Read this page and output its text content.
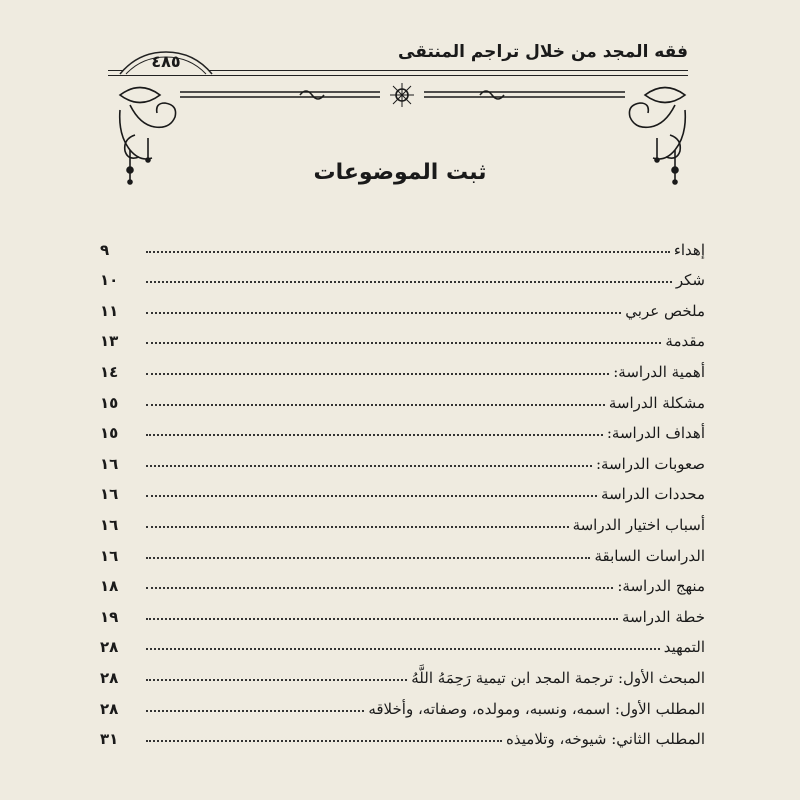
٤٨٥	فقه المجد من خلال تراجم المنتقى
ثبت الموضوعات
إهداء
٩
شكر
١٠
ملخص عربي
١١
مقدمة
١٣
أهمية الدراسة:
١٤
مشكلة الدراسة
١٥
أهداف الدراسة:
١٥
صعوبات الدراسة:
١٦
محددات الدراسة
١٦
أسباب اختيار الدراسة
١٦
الدراسات السابقة
١٦
منهج الدراسة:
١٨
خطة الدراسة
١٩
التمهيد
٢٨
المبحث الأول: ترجمة المجد ابن تيمية رَحِمَهُ اللَّهُ
٢٨
المطلب الأول: اسمه، ونسبه، ومولده، وصفاته، وأخلاقه
٢٨
المطلب الثاني: شيوخه، وتلاميذه
٣١
